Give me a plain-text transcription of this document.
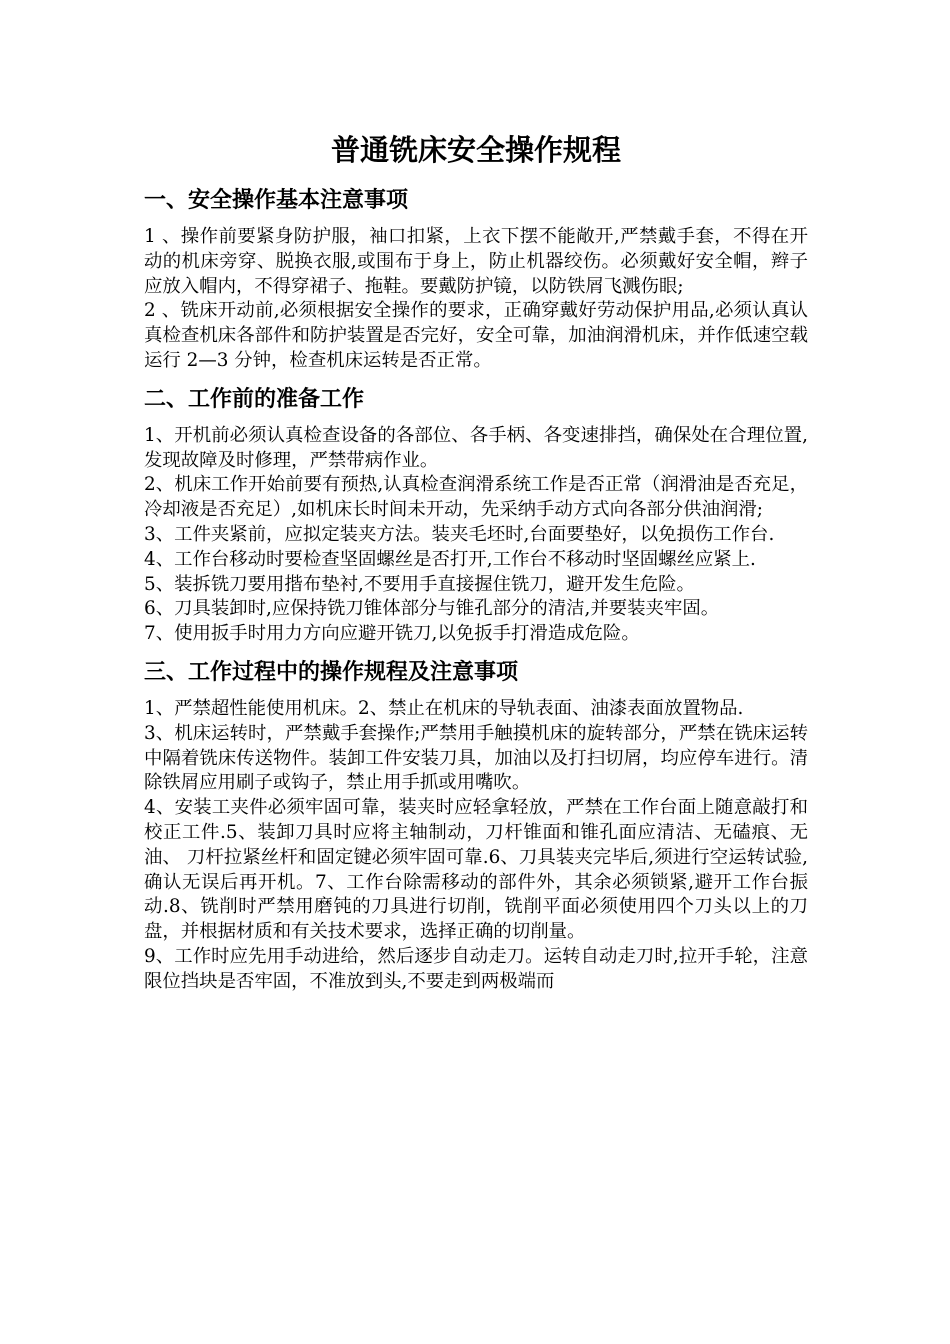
普通铣床安全操作规程
一、安全操作基本注意事项

1 、操作前要紧身防护服，袖口扣紧，上衣下摆不能敞开,严禁戴手套，不得在开动的机床旁穿、脱换衣服,或围布于身上，防止机器绞伤。必须戴好安全帽，辫子应放入帽内，不得穿裙子、拖鞋。要戴防护镜，以防铁屑飞溅伤眼;

2 、铣床开动前,必须根据安全操作的要求，正确穿戴好劳动保护用品,必须认真认真检查机床各部件和防护装置是否完好，安全可靠，加油润滑机床，并作低速空载运行 2—3 分钟，检查机床运转是否正常。

二、工作前的准备工作

1、开机前必须认真检查设备的各部位、各手柄、各变速排挡，确保处在合理位置,发现故障及时修理，严禁带病作业。

2、机床工作开始前要有预热,认真检查润滑系统工作是否正常（润滑油是否充足，冷却液是否充足）,如机床长时间未开动，先采纳手动方式向各部分供油润滑;

3、工件夹紧前，应拟定装夹方法。装夹毛坯时,台面要垫好，以免损伤工作台.

4、工作台移动时要检查坚固螺丝是否打开,工作台不移动时坚固螺丝应紧上.

5、装拆铣刀要用揩布垫衬,不要用手直接握住铣刀，避开发生危险。

6、刀具装卸时,应保持铣刀锥体部分与锥孔部分的清洁,并要装夹牢固。

7、使用扳手时用力方向应避开铣刀,以免扳手打滑造成危险。

三、工作过程中的操作规程及注意事项

1、严禁超性能使用机床。2、禁止在机床的导轨表面、油漆表面放置物品.

3、机床运转时，严禁戴手套操作;严禁用手触摸机床的旋转部分，严禁在铣床运转中隔着铣床传送物件。装卸工件安装刀具，加油以及打扫切屑，均应停车进行。清除铁屑应用刷子或钩子，禁止用手抓或用嘴吹。

4、安装工夹件必须牢固可靠，装夹时应轻拿轻放，严禁在工作台面上随意敲打和校正工件.5、装卸刀具时应将主轴制动，刀杆锥面和锥孔面应清洁、无磕痕、无油、 刀杆拉紧丝杆和固定键必须牢固可靠.6、刀具装夹完毕后,须进行空运转试验,确认无误后再开机。7、工作台除需移动的部件外，其余必须锁紧,避开工作台振动.8、铣削时严禁用磨钝的刀具进行切削，铣削平面必须使用四个刀头以上的刀盘，并根据材质和有关技术要求，选择正确的切削量。

9、工作时应先用手动进给，然后逐步自动走刀。运转自动走刀时,拉开手轮，注意限位挡块是否牢固，不准放到头,不要走到两极端而
